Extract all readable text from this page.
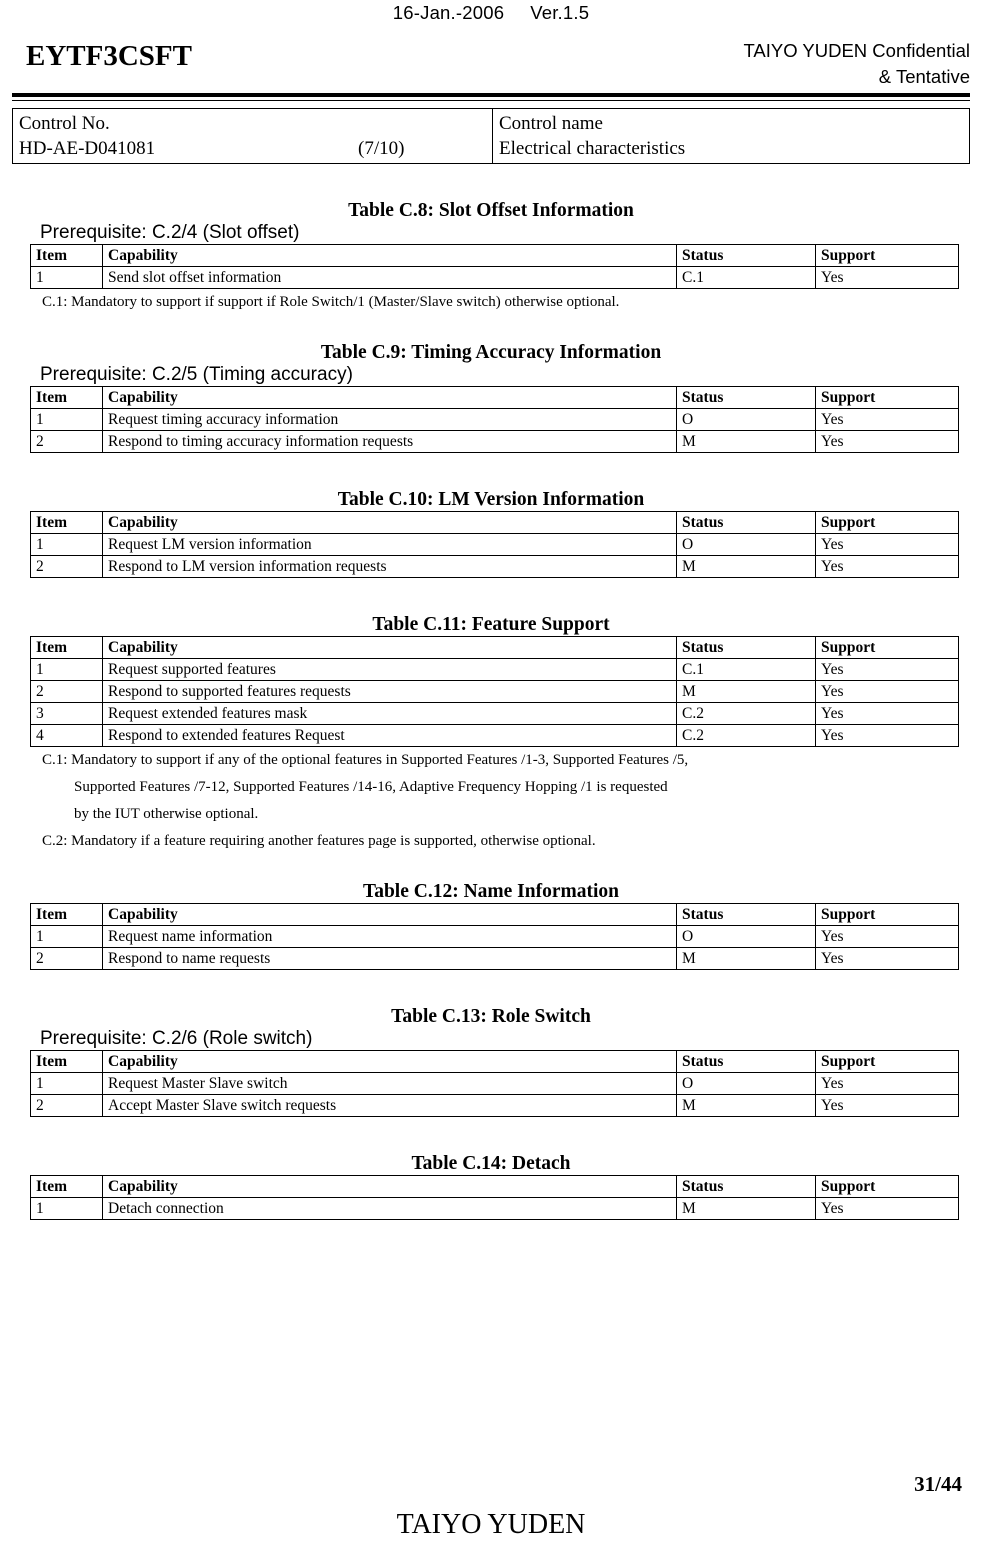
16-Jan.-2006 Ver.1.5
EYTF3CSFT	TAIYO YUDEN Confidential
& Tentative
Control No.
HD-AE-D041081	(7/10)
Control name
Electrical characteristics
Table C.8: Slot Offset Information
Prerequisite: C.2/4 (Slot offset)
Item	Capability	Status	Support
1	Send slot offset information	C.1	Yes
C.1: Mandatory to support if support if Role Switch/1 (Master/Slave switch) otherwise optional.
Table C.9: Timing Accuracy Information
Prerequisite: C.2/5 (Timing accuracy)
Item	Capability	Status	Support
1	Request timing accuracy information	O	Yes
2	Respond to timing accuracy information requests	M	Yes
Table C.10: LM Version Information
Item	Capability	Status	Support
1	Request LM version information	O	Yes
2	Respond to LM version information requests	M	Yes
Table C.11: Feature Support
Item	Capability	Status	Support
1	Request supported features	C.1	Yes
2	Respond to supported features requests	M	Yes
3	Request extended features mask	C.2	Yes
4	Respond to extended features Request	C.2	Yes
C.1: Mandatory to support if any of the optional features in Supported Features /1-3, Supported Features /5,
Supported Features /7-12, Supported Features /14-16, Adaptive Frequency Hopping /1 is requested
by the IUT otherwise optional.
C.2: Mandatory if a feature requiring another features page is supported, otherwise optional.
Table C.12: Name Information
Item	Capability	Status	Support
1	Request name information	O	Yes
2	Respond to name requests	M	Yes
Table C.13: Role Switch
Prerequisite: C.2/6 (Role switch)
Item	Capability	Status	Support
1	Request Master Slave switch	O	Yes
2	Accept Master Slave switch requests	M	Yes
Table C.14: Detach
Item	Capability	Status	Support
1	Detach connection	M	Yes
31/44
TAIYO YUDEN
